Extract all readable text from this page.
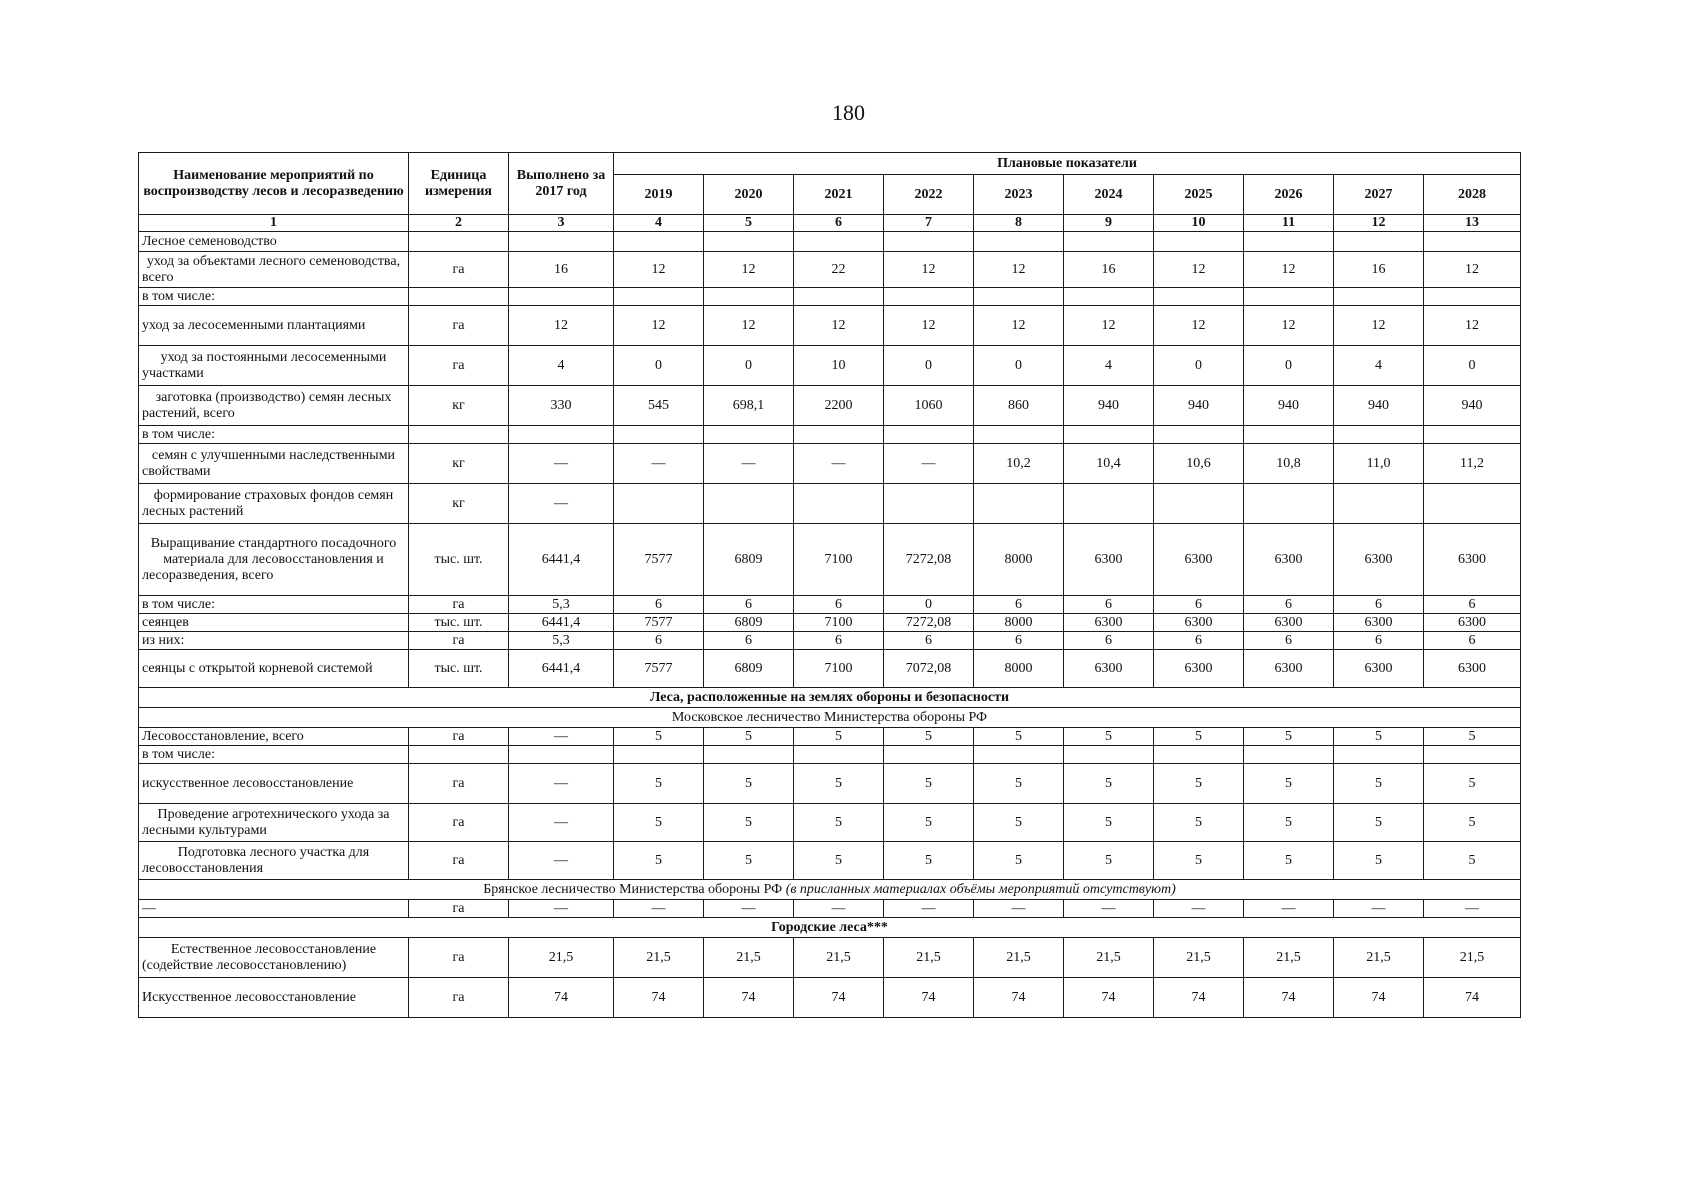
180
Наименование мероприятий по воспроизводству лесов и лесоразведению	Единица измерения	Выполнено за 2017 год	Плановые показатели									
			2019	2020	2021	2022	2023	2024	2025	2026	2027	2028
1	2	3	4	5	6	7	8	9	10	11	12	13
Лесное семеноводство												
уход за объектами лесного семеноводства, всего	га	16	12	12	22	12	12	16	12	12	16	12
в том числе:												
уход за лесосеменными плантациями	га	12	12	12	12	12	12	12	12	12	12	12
уход за постоянными лесосеменными участками	га	4	0	0	10	0	0	4	0	0	4	0
заготовка (производство) семян лесных растений, всего	кг	330	545	698,1	2200	1060	860	940	940	940	940	940
в том числе:												
семян с улучшенными наследственными свойствами	кг	—	—	—	—	—	10,2	10,4	10,6	10,8	11,0	11,2
формирование страховых фондов семян лесных растений	кг	—										
Выращивание стандартного посадочного материала для лесовосстановления и лесоразведения, всего	тыс. шт.	6441,4	7577	6809	7100	7272,08	8000	6300	6300	6300	6300	6300
в том числе:	га	5,3	6	6	6	0	6	6	6	6	6	6
сеянцев	тыс. шт.	6441,4	7577	6809	7100	7272,08	8000	6300	6300	6300	6300	6300
из них:	га	5,3	6	6	6	6	6	6	6	6	6	6
сеянцы с открытой корневой системой	тыс. шт.	6441,4	7577	6809	7100	7072,08	8000	6300	6300	6300	6300	6300
Леса, расположенные на землях обороны и безопасности												
Московское лесничество Министерства обороны РФ												
Лесовосстановление, всего	га	—	5	5	5	5	5	5	5	5	5	5
в том числе:												
искусственное лесовосстановление	га	—	5	5	5	5	5	5	5	5	5	5
Проведение агротехнического ухода за лесными культурами	га	—	5	5	5	5	5	5	5	5	5	5
Подготовка лесного участка для лесовосстановления	га	—	5	5	5	5	5	5	5	5	5	5
Брянское лесничество Министерства обороны РФ (в присланных материалах объёмы мероприятий отсутствуют)												
—	га	—	—	—	—	—	—	—	—	—	—	—
Городские леса***												
Естественное лесовосстановление (содействие лесовосстановлению)	га	21,5	21,5	21,5	21,5	21,5	21,5	21,5	21,5	21,5	21,5	21,5
Искусственное лесовосстановление	га	74	74	74	74	74	74	74	74	74	74	74
